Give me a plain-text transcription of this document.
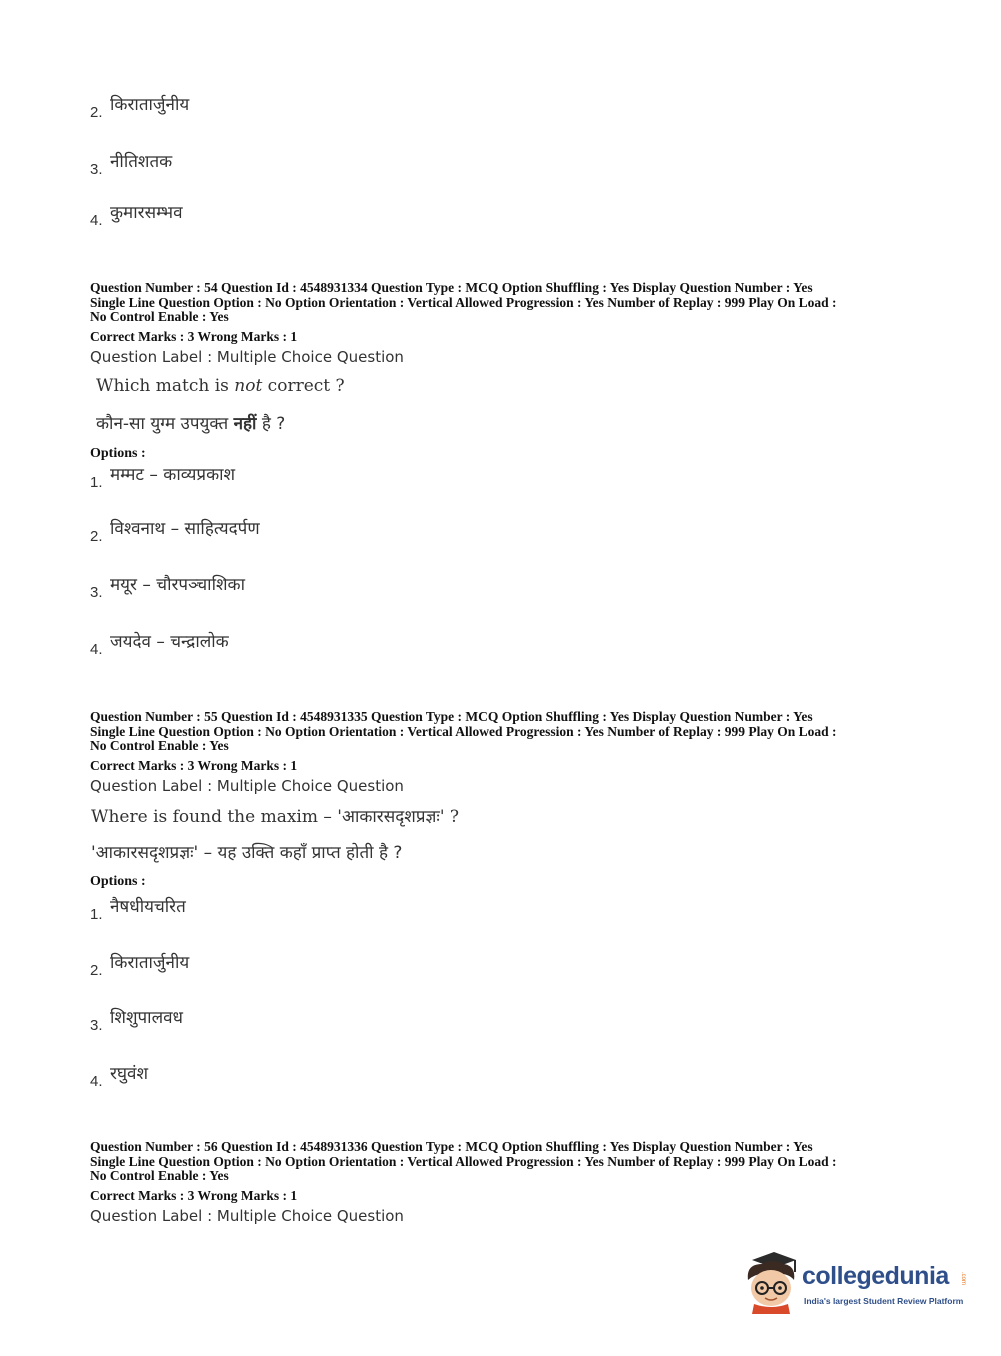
2. किरातार्जुनीय
3. नीतिशतक
4. कुमारसम्भव
Question Number : 54 Question Id : 4548931334 Question Type : MCQ Option Shuffling : Yes Display Question Number : Yes
Single Line Question Option : No Option Orientation : Vertical Allowed Progression : Yes Number of Replay : 999 Play On Load :
No Control Enable : Yes
Correct Marks : 3 Wrong Marks : 1
Question Label : Multiple Choice Question
Which match is not correct ?
कौन-सा युग्म उपयुक्त नहीं है ?
Options :
1. मम्मट – काव्यप्रकाश
2. विश्वनाथ – साहित्यदर्पण
3. मयूर – चौरपञ्चाशिका
4. जयदेव – चन्द्रालोक
Question Number : 55 Question Id : 4548931335 Question Type : MCQ Option Shuffling : Yes Display Question Number : Yes
Single Line Question Option : No Option Orientation : Vertical Allowed Progression : Yes Number of Replay : 999 Play On Load :
No Control Enable : Yes
Correct Marks : 3 Wrong Marks : 1
Question Label : Multiple Choice Question
Where is found the maxim – 'आकारसदृशप्रज्ञः' ?
'आकारसदृशप्रज्ञः' – यह उक्ति कहाँ प्राप्त होती है ?
Options :
1. नैषधीयचरित
2. किरातार्जुनीय
3. शिशुपालवध
4. रघुवंश
Question Number : 56 Question Id : 4548931336 Question Type : MCQ Option Shuffling : Yes Display Question Number : Yes
Single Line Question Option : No Option Orientation : Vertical Allowed Progression : Yes Number of Replay : 999 Play On Load :
No Control Enable : Yes
Correct Marks : 3 Wrong Marks : 1
Question Label : Multiple Choice Question
collegedunia .com
India's largest Student Review Platform
